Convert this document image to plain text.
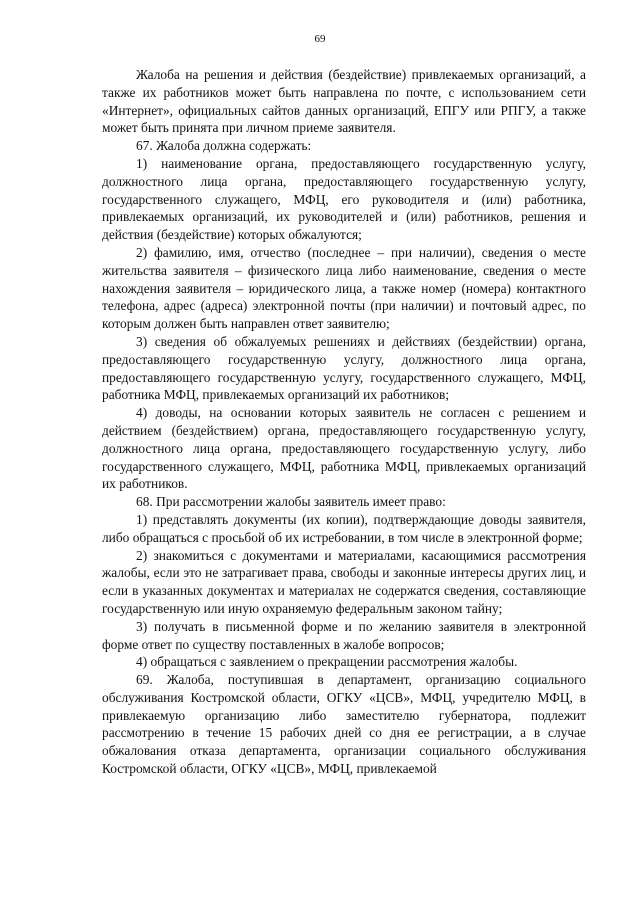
69

Жалоба на решения и действия (бездействие) привлекаемых организаций, а также их работников может быть направлена по почте, с использованием сети «Интернет», официальных сайтов данных организаций, ЕПГУ или РПГУ, а также может быть принята при личном приеме заявителя.

67. Жалоба должна содержать:

1) наименование органа, предоставляющего государственную услугу, должностного лица органа, предоставляющего государственную услугу, государственного служащего, МФЦ, его руководителя и (или) работника, привлекаемых организаций, их руководителей и (или) работников, решения и действия (бездействие) которых обжалуются;

2) фамилию, имя, отчество (последнее – при наличии), сведения о месте жительства заявителя – физического лица либо наименование, сведения о месте нахождения заявителя – юридического лица, а также номер (номера) контактного телефона, адрес (адреса) электронной почты (при наличии) и почтовый адрес, по которым должен быть направлен ответ заявителю;

3) сведения об обжалуемых решениях и действиях (бездействии) органа, предоставляющего государственную услугу, должностного лица органа, предоставляющего государственную услугу, государственного служащего, МФЦ, работника МФЦ, привлекаемых организаций их работников;

4) доводы, на основании которых заявитель не согласен с решением и действием (бездействием) органа, предоставляющего государственную услугу, должностного лица органа, предоставляющего государственную услугу, либо государственного служащего, МФЦ, работника МФЦ, привлекаемых организаций их работников.

68. При рассмотрении жалобы заявитель имеет право:

1) представлять документы (их копии), подтверждающие доводы заявителя, либо обращаться с просьбой об их истребовании, в том числе в электронной форме;

2) знакомиться с документами и материалами, касающимися рассмотрения жалобы, если это не затрагивает права, свободы и законные интересы других лиц, и если в указанных документах и материалах не содержатся сведения, составляющие государственную или иную охраняемую федеральным законом тайну;

3) получать в письменной форме и по желанию заявителя в электронной форме ответ по существу поставленных в жалобе вопросов;

4) обращаться с заявлением о прекращении рассмотрения жалобы.

69. Жалоба, поступившая в департамент, организацию социального обслуживания Костромской области, ОГКУ «ЦСВ», МФЦ, учредителю МФЦ, в привлекаемую организацию либо заместителю губернатора, подлежит рассмотрению в течение 15 рабочих дней со дня ее регистрации, а в случае обжалования отказа департамента, организации социального обслуживания Костромской области, ОГКУ «ЦСВ», МФЦ, привлекаемой
